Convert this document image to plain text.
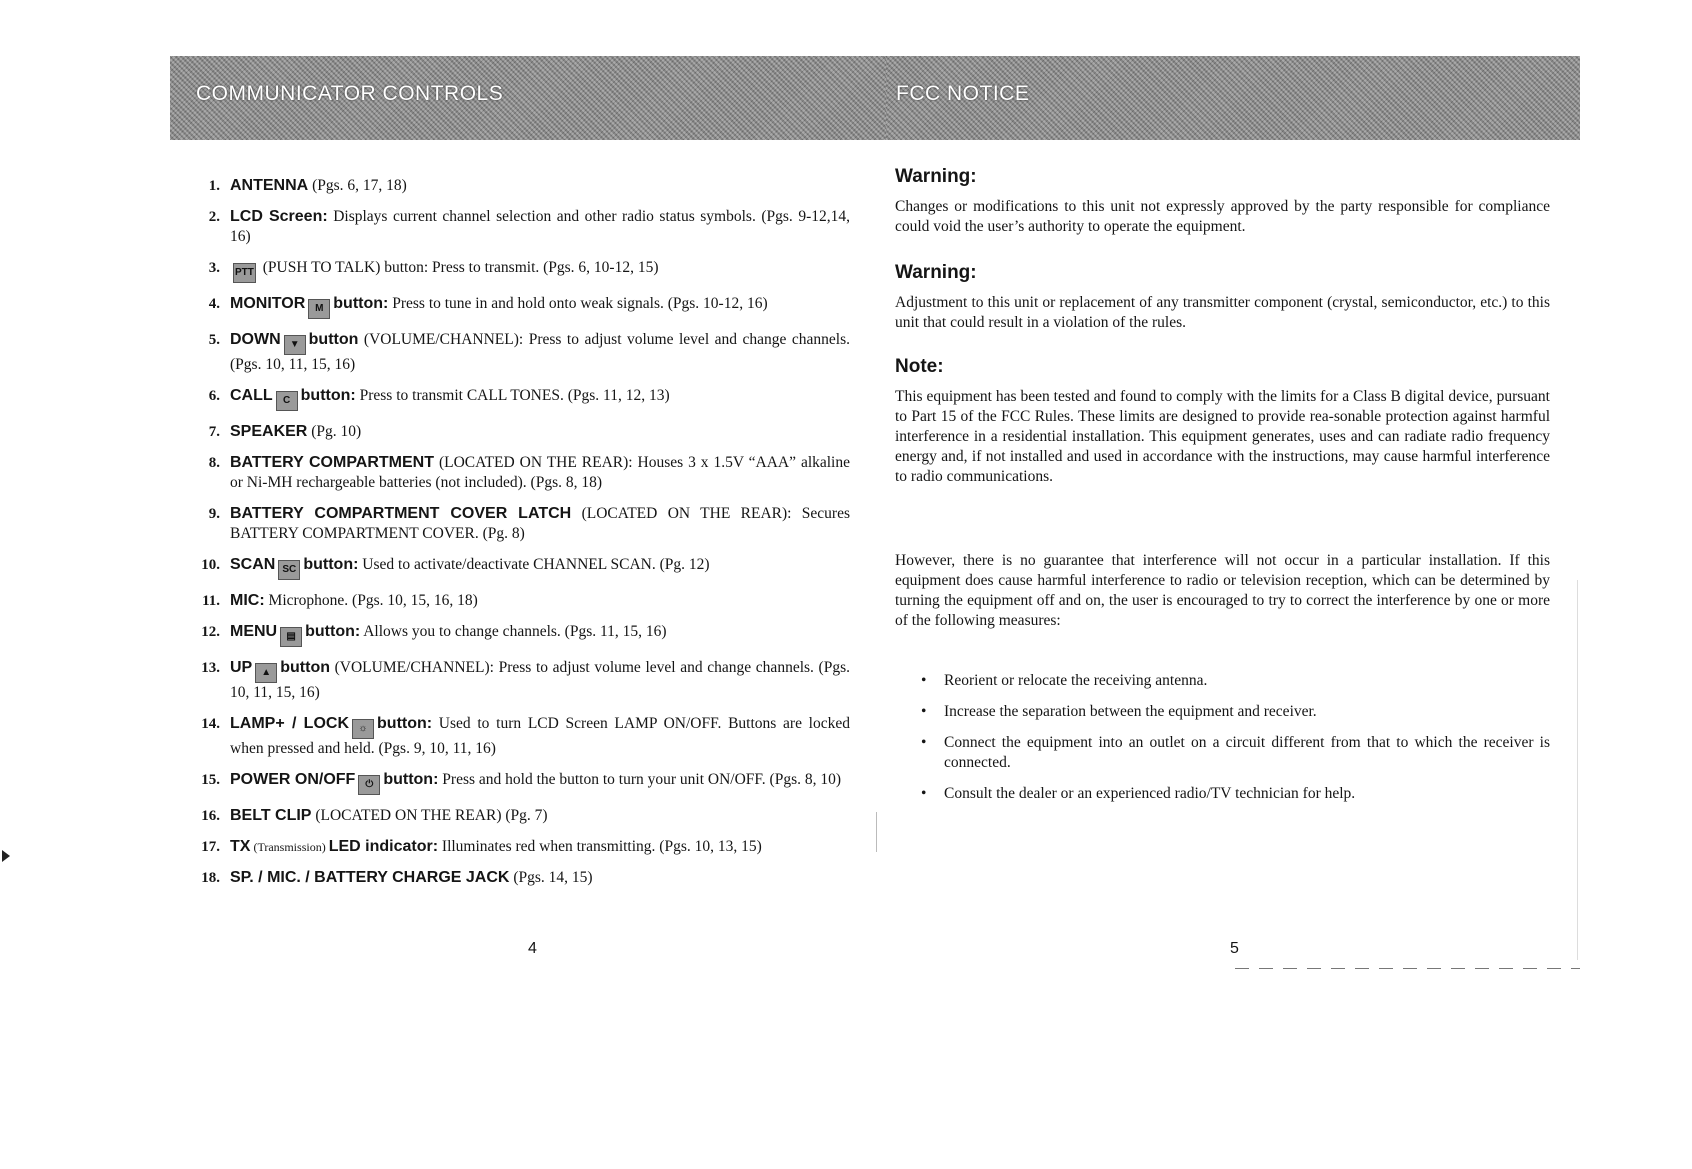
COMMUNICATOR CONTROLS	FCC NOTICE
1. ANTENNA (Pgs. 6, 17, 18)
2. LCD Screen: Displays current channel selection and other radio status symbols. (Pgs. 9-12,14, 16)
3. PTT (PUSH TO TALK) button: Press to transmit. (Pgs. 6, 10-12, 15)
4. MONITOR M button: Press to tune in and hold onto weak signals. (Pgs. 10-12, 16)
5. DOWN ▼ button (VOLUME/CHANNEL): Press to adjust volume level and change channels. (Pgs. 10, 11, 15, 16)
6. CALL C button: Press to transmit CALL TONES. (Pgs. 11, 12, 13)
7. SPEAKER (Pg. 10)
8. BATTERY COMPARTMENT (LOCATED ON THE REAR): Houses 3 x 1.5V “AAA” alkaline or Ni-MH rechargeable batteries (not included). (Pgs. 8, 18)
9. BATTERY COMPARTMENT COVER LATCH (LOCATED ON THE REAR): Secures BATTERY COMPARTMENT COVER. (Pg. 8)
10. SCAN SC button: Used to activate/deactivate CHANNEL SCAN. (Pg. 12)
11. MIC: Microphone. (Pgs. 10, 15, 16, 18)
12. MENU ▤ button: Allows you to change channels. (Pgs. 11, 15, 16)
13. UP ▲ button (VOLUME/CHANNEL): Press to adjust volume level and change channels. (Pgs. 10, 11, 15, 16)
14. LAMP+ / LOCK ☼ button: Used to turn LCD Screen LAMP ON/OFF. Buttons are locked when pressed and held. (Pgs. 9, 10, 11, 16)
15. POWER ON/OFF ⏻ button: Press and hold the button to turn your unit ON/OFF. (Pgs. 8, 10)
16. BELT CLIP (LOCATED ON THE REAR) (Pg. 7)
17. TX (Transmission) LED indicator: Illuminates red when transmitting. (Pgs. 10, 13, 15)
18. SP. / MIC. / BATTERY CHARGE JACK (Pgs. 14, 15)

Warning:

Changes or modifications to this unit not expressly approved by the party responsible for compliance could void the user’s authority to operate the equipment.

Warning:

Adjustment to this unit or replacement of any transmitter component (crystal, semiconductor, etc.) to this unit that could result in a violation of the rules.

Note:

This equipment has been tested and found to comply with the limits for a Class B digital device, pursuant to Part 15 of the FCC Rules. These limits are designed to provide rea-sonable protection against harmful interference in a residential installation. This equipment generates, uses and can radiate radio frequency energy and, if not installed and used in accordance with the instructions, may cause harmful interference to radio communications.

However, there is no guarantee that interference will not occur in a particular installation. If this equipment does cause harmful interference to radio or television reception, which can be determined by turning the equipment off and on, the user is encouraged to try to correct the interference by one or more of the following measures:

• Reorient or relocate the receiving antenna.
• Increase the separation between the equipment and receiver.
• Connect the equipment into an outlet on a circuit different from that to which the receiver is connected.
• Consult the dealer or an experienced radio/TV technician for help.
4	5
